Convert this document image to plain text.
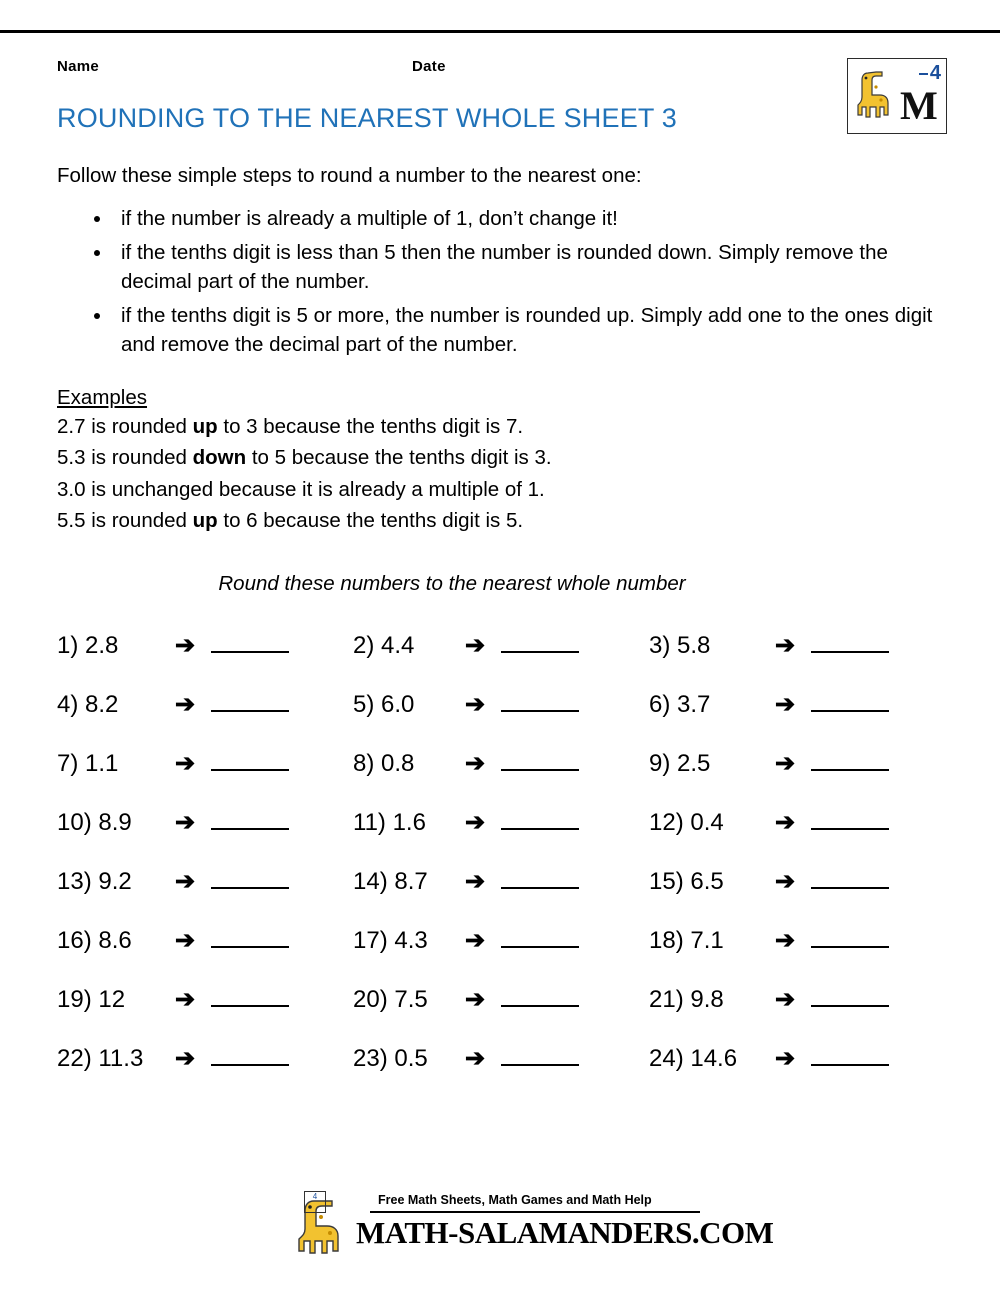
Name	Date	4
Μ
ROUNDING TO THE NEAREST WHOLE SHEET 3
Follow these simple steps to round a number to the nearest one:
• if the number is already a multiple of 1, don’t change it!
• if the tenths digit is less than 5 then the number is rounded down. Simply remove the decimal part of the number.
• if the tenths digit is 5 or more, the number is rounded up. Simply add one to the ones digit and remove the decimal part of the number.
Examples
2.7 is rounded up to 3 because the tenths digit is 7.
5.3 is rounded down to 5 because the tenths digit is 3.
3.0 is unchanged because it is already a multiple of 1.
5.5 is rounded up to 6 because the tenths digit is 5.
Round these numbers to the nearest whole number
1) 2.8	➔	2) 4.4	➔	3) 5.8	➔
4) 8.2	➔	5) 6.0	➔	6) 3.7	➔
7) 1.1	➔	8) 0.8	➔	9) 2.5	➔
10) 8.9	➔	11) 1.6	➔	12) 0.4	➔
13) 9.2	➔	14) 8.7	➔	15) 6.5	➔
16) 8.6	➔	17) 4.3	➔	18) 7.1	➔
19) 12	➔	20) 7.5	➔	21) 9.8	➔
22) 11.3	➔	23) 0.5	➔	24) 14.6	➔
4	Free Math Sheets, Math Games and Math Help
ΜATH-SALAMANDERS.COM
